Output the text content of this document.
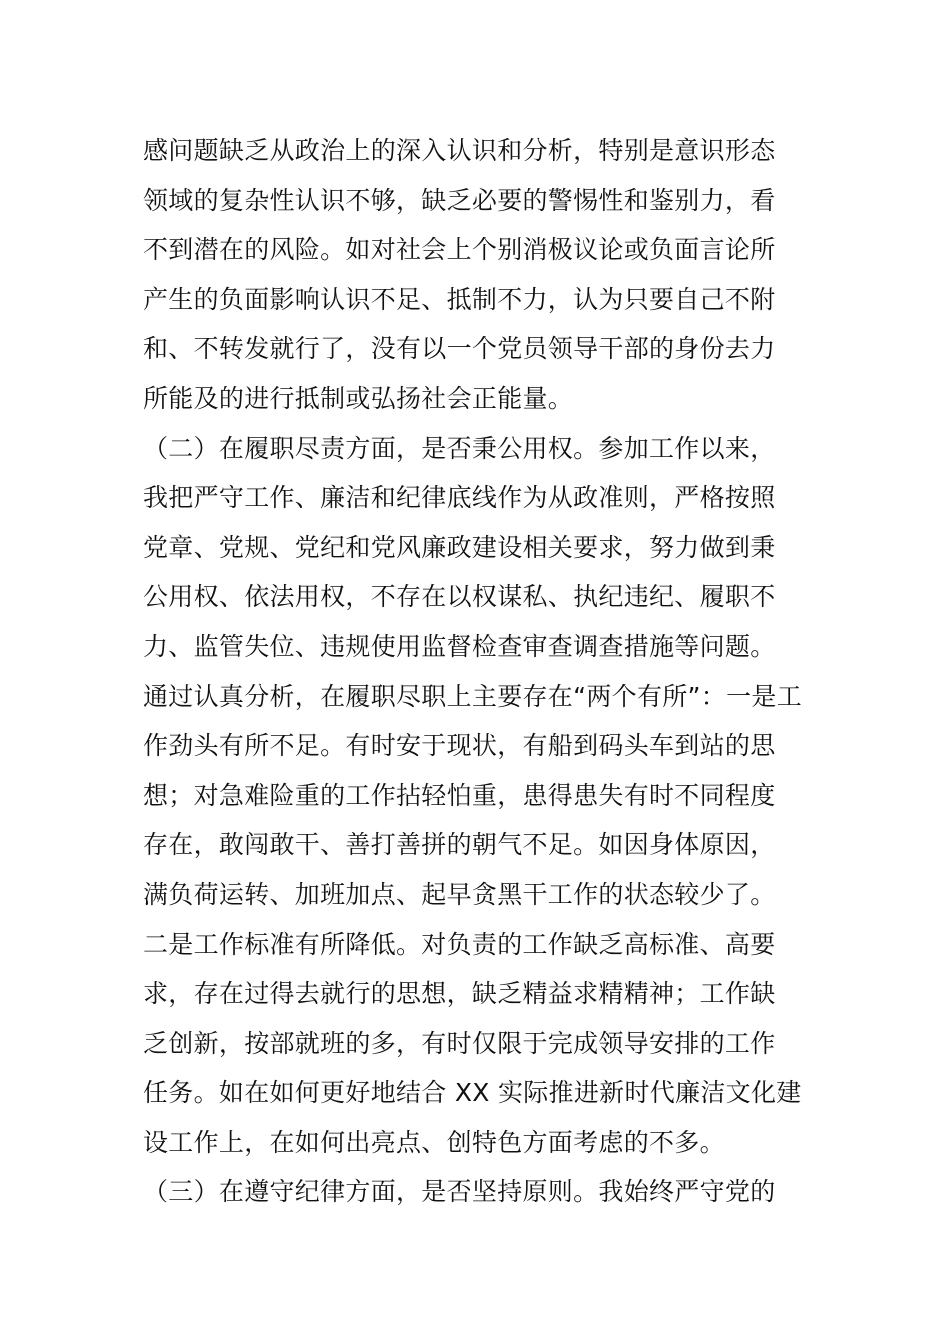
感问题缺乏从政治上的深入认识和分析，特别是意识形态
领域的复杂性认识不够，缺乏必要的警惕性和鉴别力，看
不到潜在的风险。如对社会上个别消极议论或负面言论所
产生的负面影响认识不足、抵制不力，认为只要自己不附
和、不转发就行了，没有以一个党员领导干部的身份去力
所能及的进行抵制或弘扬社会正能量。
（二）在履职尽责方面，是否秉公用权。参加工作以来，
我把严守工作、廉洁和纪律底线作为从政准则，严格按照
党章、党规、党纪和党风廉政建设相关要求，努力做到秉
公用权、依法用权，不存在以权谋私、执纪违纪、履职不
力、监管失位、违规使用监督检查审查调查措施等问题。
通过认真分析，在履职尽职上主要存在“两个有所”：一是工
作劲头有所不足。有时安于现状，有船到码头车到站的思
想；对急难险重的工作拈轻怕重，患得患失有时不同程度
存在，敢闯敢干、善打善拼的朝气不足。如因身体原因，
满负荷运转、加班加点、起早贪黑干工作的状态较少了。
二是工作标准有所降低。对负责的工作缺乏高标准、高要
求，存在过得去就行的思想，缺乏精益求精精神；工作缺
乏创新，按部就班的多，有时仅限于完成领导安排的工作
任务。如在如何更好地结合 XX 实际推进新时代廉洁文化建
设工作上，在如何出亮点、创特色方面考虑的不多。
（三）在遵守纪律方面，是否坚持原则。我始终严守党的
